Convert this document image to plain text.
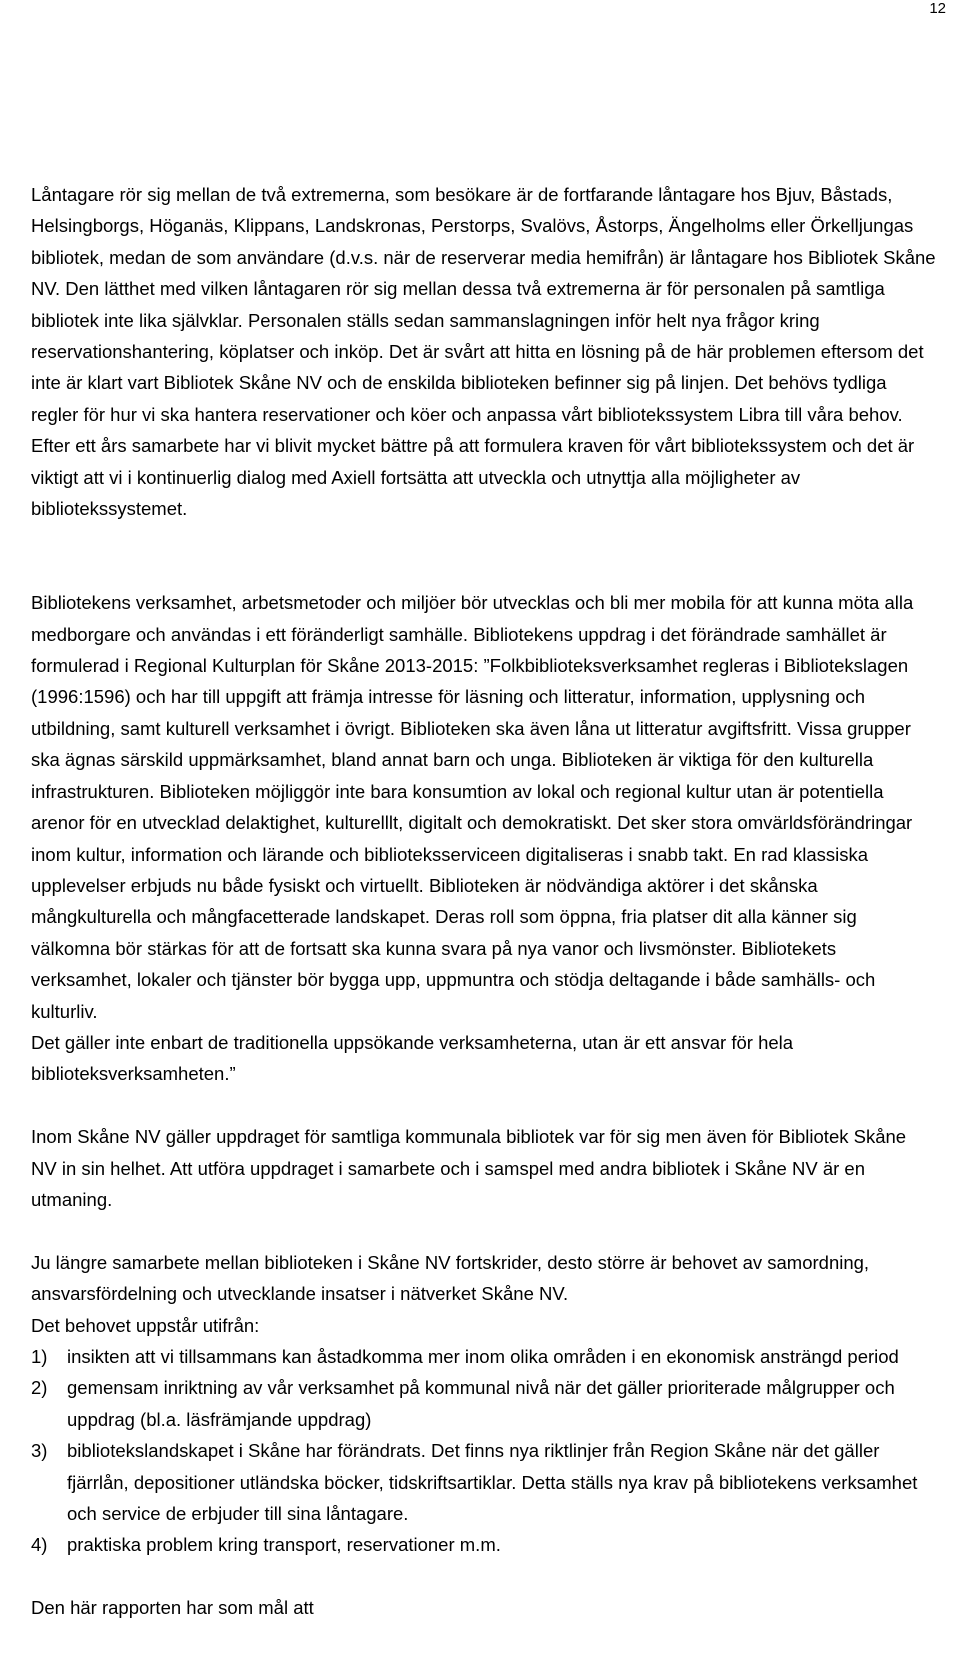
12

Låntagare rör sig mellan de två extremerna, som besökare är de fortfarande låntagare hos Bjuv, Båstads, Helsingborgs, Höganäs, Klippans, Landskronas, Perstorps, Svalövs, Åstorps, Ängelholms eller Örkelljungas bibliotek, medan de som användare (d.v.s. när de reserverar media hemifrån) är låntagare hos Bibliotek Skåne NV. Den lätthet med vilken låntagaren rör sig mellan dessa två extremerna är för personalen på samtliga bibliotek inte lika självklar. Personalen ställs sedan sammanslagningen inför helt nya frågor kring reservationshantering, köplatser och inköp. Det är svårt att hitta en lösning på de här problemen eftersom det inte är klart vart Bibliotek Skåne NV och de enskilda biblioteken befinner sig på linjen. Det behövs tydliga regler för hur vi ska hantera reservationer och köer och anpassa vårt bibliotekssystem Libra till våra behov. Efter ett års samarbete har vi blivit mycket bättre på att formulera kraven för vårt bibliotekssystem och det är viktigt att vi i kontinuerlig dialog med Axiell fortsätta att utveckla och utnyttja alla möjligheter av bibliotekssystemet.

Bibliotekens verksamhet, arbetsmetoder och miljöer bör utvecklas och bli mer mobila för att kunna möta alla medborgare och användas i ett föränderligt samhälle. Bibliotekens uppdrag i det förändrade samhället är formulerad i Regional Kulturplan för Skåne 2013-2015: ”Folkbiblioteksverksamhet regleras i Bibliotekslagen (1996:1596) och har till uppgift att främja intresse för läsning och litteratur, information, upplysning och utbildning, samt kulturell verksamhet i övrigt. Biblioteken ska även låna ut litteratur avgiftsfritt. Vissa grupper ska ägnas särskild uppmärksamhet, bland annat barn och unga. Biblioteken är viktiga för den kulturella infrastrukturen. Biblioteken möjliggör inte bara konsumtion av lokal och regional kultur utan är potentiella arenor för en utvecklad delaktighet, kulturelllt, digitalt och demokratiskt. Det sker stora omvärldsförändringar inom kultur, information och lärande och biblioteksserviceen digitaliseras i snabb takt. En rad klassiska upplevelser erbjuds nu både fysiskt och virtuellt. Biblioteken är nödvändiga aktörer i det skånska mångkulturella och mångfacetterade landskapet. Deras roll som öppna, fria platser dit alla känner sig välkomna bör stärkas för att de fortsatt ska kunna svara på nya vanor och livsmönster. Bibliotekets verksamhet, lokaler och tjänster bör bygga upp, uppmuntra och stödja deltagande i både samhälls- och kulturliv.

Det gäller inte enbart de traditionella uppsökande verksamheterna, utan är ett ansvar för hela biblioteksverksamheten.”

Inom Skåne NV gäller uppdraget för samtliga kommunala bibliotek var för sig men även för Bibliotek Skåne NV in sin helhet. Att utföra uppdraget i samarbete och i samspel med andra bibliotek i Skåne NV är en utmaning.

Ju längre samarbete mellan biblioteken i Skåne NV fortskrider, desto större är behovet av samordning, ansvarsfördelning och utvecklande insatser i nätverket Skåne NV.

Det behovet uppstår utifrån:

1)	insikten att vi tillsammans kan åstadkomma mer inom olika områden i en ekonomisk ansträngd period
2)	gemensam inriktning av vår verksamhet på kommunal nivå när det gäller prioriterade målgrupper och uppdrag (bl.a. läsfrämjande uppdrag)
3)	bibliotekslandskapet i Skåne har förändrats. Det finns nya riktlinjer från Region Skåne när det gäller fjärrlån, depositioner utländska böcker, tidskriftsartiklar. Detta ställs nya krav på bibliotekens verksamhet och service de erbjuder till sina låntagare.
4)	praktiska problem kring transport, reservationer m.m.

Den här rapporten har som mål att
